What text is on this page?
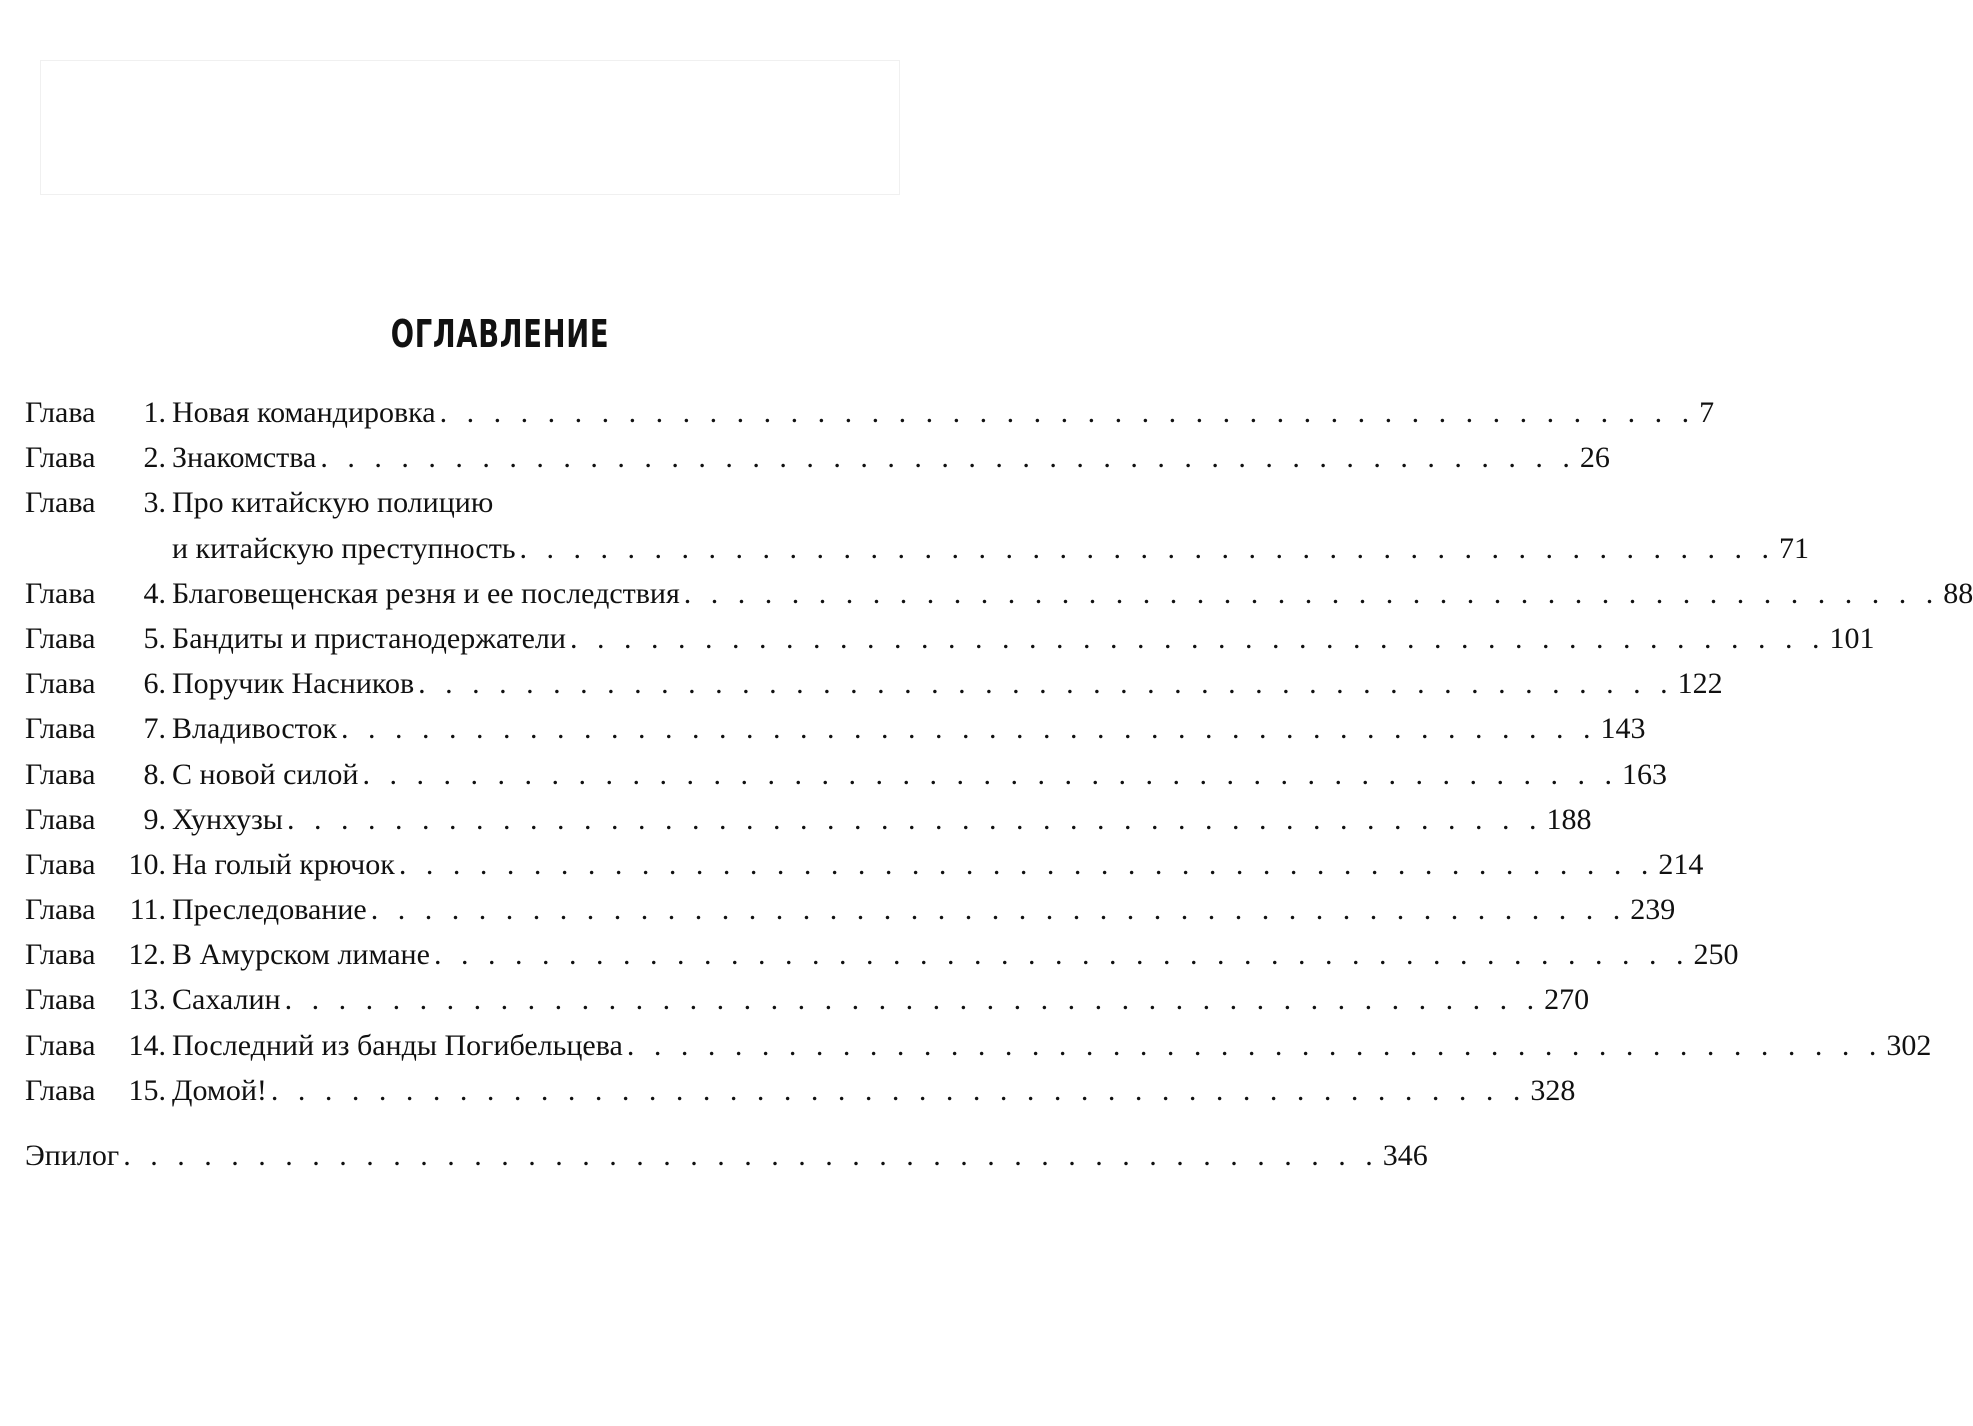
ОГЛАВЛЕНИЕ
Глава	1. Новая командировка . . . . . . . . . . . . . . . . . . . . . . . . . . . . . . . . . . . . . . . . . . . . . . . 7
Глава	2. Знакомства . . . . . . . . . . . . . . . . . . . . . . . . . . . . . . . . . . . . . . . . . . . . . . . 26
Глава	3. Про китайскую полицию
и китайскую преступность . . . . . . . . . . . . . . . . . . . . . . . . . . . . . . . . . . . . . . . . . . . . . . . 71
Глава	4. Благовещенская резня и ее последствия . . . . . . . . . . . . . . . . . . . . . . . . . . . . . . . . . . . . . . . . . . . . . . . 88
Глава	5. Бандиты и пристанодержатели . . . . . . . . . . . . . . . . . . . . . . . . . . . . . . . . . . . . . . . . . . . . . . . 101
Глава	6. Поручик Насников . . . . . . . . . . . . . . . . . . . . . . . . . . . . . . . . . . . . . . . . . . . . . . . 122
Глава	7. Владивосток . . . . . . . . . . . . . . . . . . . . . . . . . . . . . . . . . . . . . . . . . . . . . . . 143
Глава	8. С новой силой . . . . . . . . . . . . . . . . . . . . . . . . . . . . . . . . . . . . . . . . . . . . . . . 163
Глава	9. Хунхузы . . . . . . . . . . . . . . . . . . . . . . . . . . . . . . . . . . . . . . . . . . . . . . . 188
Глава	10. На голый крючок . . . . . . . . . . . . . . . . . . . . . . . . . . . . . . . . . . . . . . . . . . . . . . . 214
Глава	11. Преследование . . . . . . . . . . . . . . . . . . . . . . . . . . . . . . . . . . . . . . . . . . . . . . . 239
Глава	12. В Амурском лимане . . . . . . . . . . . . . . . . . . . . . . . . . . . . . . . . . . . . . . . . . . . . . . . 250
Глава	13. Сахалин . . . . . . . . . . . . . . . . . . . . . . . . . . . . . . . . . . . . . . . . . . . . . . . 270
Глава	14. Последний из банды Погибельцева . . . . . . . . . . . . . . . . . . . . . . . . . . . . . . . . . . . . . . . . . . . . . . . 302
Глава	15. Домой! . . . . . . . . . . . . . . . . . . . . . . . . . . . . . . . . . . . . . . . . . . . . . . . 328
Эпилог . . . . . . . . . . . . . . . . . . . . . . . . . . . . . . . . . . . . . . . . . . . . . . . 346
